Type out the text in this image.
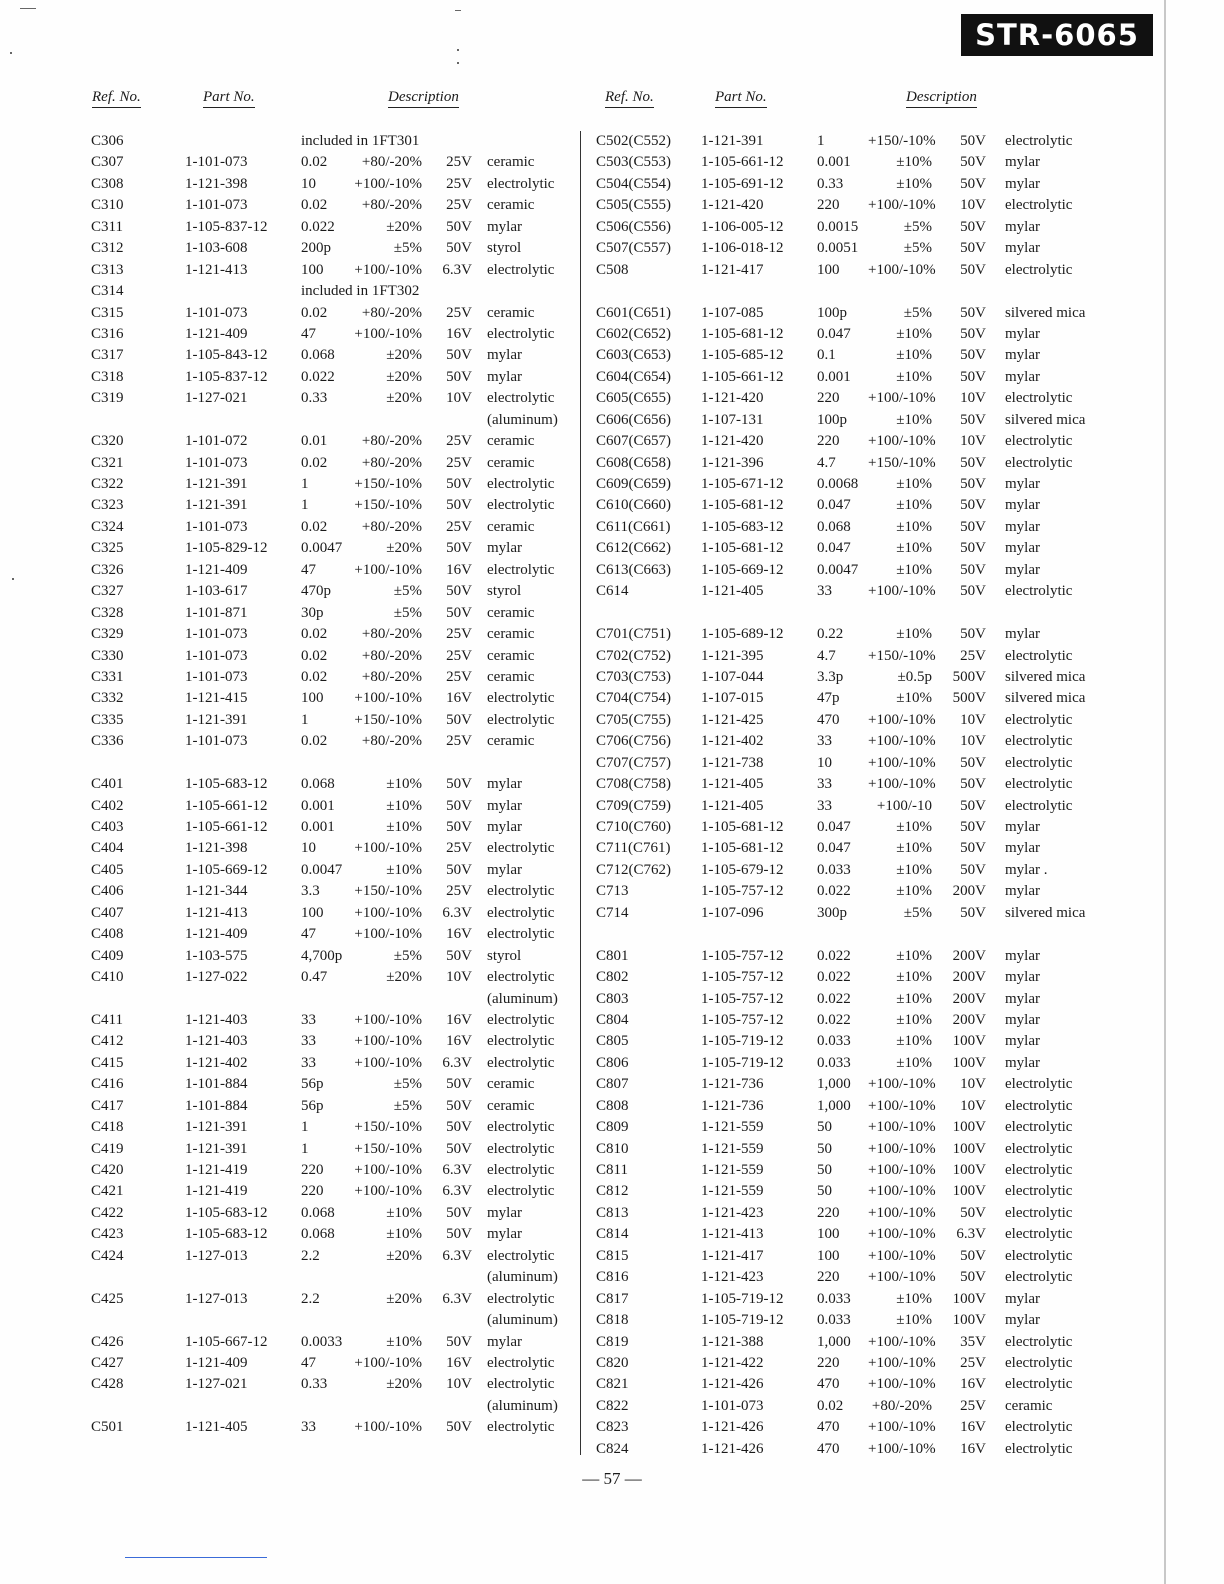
STR-6065
Ref. No.	Part No.	Description	Ref. No.	Part No.	Description
C306	included in 1FT301
C307	1-101-073	0.02	+80/-20%	25V ceramic
C308	1-121-398	10	+100/-10%	25V electrolytic
C310	1-101-073	0.02	+80/-20%	25V ceramic
C311	1-105-837-12 0.022	±20%	50V mylar
C312	1-103-608	200p	±5%	50V styrol
C313	1-121-413	100 +100/-10%	6.3V electrolytic
C314	included in 1FT302
C315	1-101-073	0.02	+80/-20%	25V ceramic
C316	1-121-409	47	+100/-10%	16V electrolytic
C317	1-105-843-12 0.068	±20%	50V mylar
C318	1-105-837-12 0.022	±20%	50V mylar
C319	1-127-021	0.33	±20%	10V electrolytic
(aluminum)
C320	1-101-072	0.01	+80/-20%	25V ceramic
C321	1-101-073	0.02	+80/-20%	25V ceramic
C322	1-121-391	1	+150/-10%	50V electrolytic
C323	1-121-391	1	+150/-10%	50V electrolytic
C324	1-101-073	0.02	+80/-20%	25V ceramic
C325	1-105-829-12 0.0047	±20%	50V mylar
C326	1-121-409	47	+100/-10%	16V electrolytic
C327	1-103-617	470p	±5%	50V styrol
C328	1-101-871	30p	±5%	50V ceramic
C329	1-101-073	0.02	+80/-20%	25V ceramic
C330	1-101-073	0.02	+80/-20%	25V ceramic
C331	1-101-073	0.02	+80/-20%	25V ceramic
C332	1-121-415	100 +100/-10%	16V electrolytic
C335	1-121-391	1	+150/-10%	50V electrolytic
C336	1-101-073	0.02	+80/-20%	25V ceramic
C401	1-105-683-12 0.068	±10%	50V mylar
C402	1-105-661-12 0.001	±10%	50V mylar
C403	1-105-661-12 0.001	±10%	50V mylar
C404	1-121-398	10	+100/-10%	25V electrolytic
C405	1-105-669-12 0.0047	±10%	50V mylar
C406	1-121-344	3.3 +150/-10%	25V electrolytic
C407	1-121-413	100 +100/-10%	6.3V electrolytic
C408	1-121-409	47	+100/-10%	16V electrolytic
C409	1-103-575	4,700p	±5%	50V styrol
C410	1-127-022	0.47	±20%	10V electrolytic
(aluminum)
C411	1-121-403	33	+100/-10%	16V electrolytic
C412	1-121-403	33	+100/-10%	16V electrolytic
C415	1-121-402	33	+100/-10%	6.3V electrolytic
C416	1-101-884	56p	±5%	50V ceramic
C417	1-101-884	56p	±5%	50V ceramic
C418	1-121-391	1	+150/-10%	50V electrolytic
C419	1-121-391	1	+150/-10%	50V electrolytic
C420	1-121-419	220 +100/-10%	6.3V electrolytic
C421	1-121-419	220 +100/-10%	6.3V electrolytic
C422	1-105-683-12 0.068	±10%	50V mylar
C423	1-105-683-12 0.068	±10%	50V mylar
C424	1-127-013	2.2	±20%	6.3V electrolytic
(aluminum)
C425	1-127-013	2.2	±20%	6.3V electrolytic
(aluminum)
C426	1-105-667-12 0.0033	±10%	50V mylar
C427	1-121-409	47	+100/-10%	16V electrolytic
C428	1-127-021	0.33	±20%	10V electrolytic
(aluminum)
C501	1-121-405	33	+100/-10%	50V electrolytic
C502(C552) 1-121-391	1	+150/-10%	50V electrolytic
C503(C553) 1-105-661-12 0.001	±10%	50V mylar
C504(C554) 1-105-691-12 0.33	±10%	50V mylar
C505(C555) 1-121-420	220 +100/-10%	10V electrolytic
C506(C556) 1-106-005-12 0.0015	±5%	50V mylar
C507(C557) 1-106-018-12 0.0051	±5%	50V mylar
C508	1-121-417	100 +100/-10%	50V electrolytic
C601(C651) 1-107-085	100p	±5%	50V silvered mica
C602(C652) 1-105-681-12 0.047	±10%	50V mylar
C603(C653) 1-105-685-12 0.1	±10%	50V mylar
C604(C654) 1-105-661-12 0.001	±10%	50V mylar
C605(C655) 1-121-420	220 +100/-10%	10V electrolytic
C606(C656) 1-107-131	100p	±10%	50V silvered mica
C607(C657) 1-121-420	220 +100/-10%	10V electrolytic
C608(C658) 1-121-396	4.7 +150/-10%	50V electrolytic
C609(C659) 1-105-671-12 0.0068	±10%	50V mylar
C610(C660) 1-105-681-12 0.047	±10%	50V mylar
C611(C661) 1-105-683-12 0.068	±10%	50V mylar
C612(C662) 1-105-681-12 0.047	±10%	50V mylar
C613(C663) 1-105-669-12 0.0047	±10%	50V mylar
C614	1-121-405	33 +100/-10%	50V electrolytic
C701(C751) 1-105-689-12 0.22	±10%	50V mylar
C702(C752) 1-121-395	4.7 +150/-10%	25V electrolytic
C703(C753) 1-107-044	3.3p	±0.5p	500V silvered mica
C704(C754) 1-107-015	47p	±10%	500V silvered mica
C705(C755) 1-121-425	470 +100/-10%	10V electrolytic
C706(C756) 1-121-402	33 +100/-10%	10V electrolytic
C707(C757) 1-121-738	10 +100/-10%	50V electrolytic
C708(C758) 1-121-405	33 +100/-10%	50V electrolytic
C709(C759) 1-121-405	33	+100/-10	50V electrolytic
C710(C760) 1-105-681-12 0.047	±10%	50V mylar
C711(C761) 1-105-681-12 0.047	±10%	50V mylar
C712(C762) 1-105-679-12 0.033	±10%	50V mylar .
C713	1-105-757-12 0.022	±10%	200V mylar
C714	1-107-096	300p	±5%	50V silvered mica
C801	1-105-757-12 0.022	±10%	200V mylar
C802	1-105-757-12 0.022	±10%	200V mylar
C803	1-105-757-12 0.022	±10%	200V mylar
C804	1-105-757-12 0.022	±10%	200V mylar
C805	1-105-719-12 0.033	±10%	100V mylar
C806	1-105-719-12 0.033	±10%	100V mylar
C807	1-121-736	1,000 +100/-10%	10V electrolytic
C808	1-121-736	1,000 +100/-10%	10V electrolytic
C809	1-121-559	50 +100/-10%	100V electrolytic
C810	1-121-559	50 +100/-10%	100V electrolytic
C811	1-121-559	50 +100/-10%	100V electrolytic
C812	1-121-559	50 +100/-10%	100V electrolytic
C813	1-121-423	220 +100/-10%	50V electrolytic
C814	1-121-413	100 +100/-10%	6.3V electrolytic
C815	1-121-417	100 +100/-10%	50V electrolytic
C816	1-121-423	220 +100/-10%	50V electrolytic
C817	1-105-719-12 0.033	±10%	100V mylar
C818	1-105-719-12 0.033	±10%	100V mylar
C819	1-121-388	1,000 +100/-10%	35V electrolytic
C820	1-121-422	220 +100/-10%	25V electrolytic
C821	1-121-426	470 +100/-10%	16V electrolytic
C822	1-101-073	0.02 +80/-20%	25V ceramic
C823	1-121-426	470 +100/-10%	16V electrolytic
C824	1-121-426	470 +100/-10%	16V electrolytic
— 57 —
